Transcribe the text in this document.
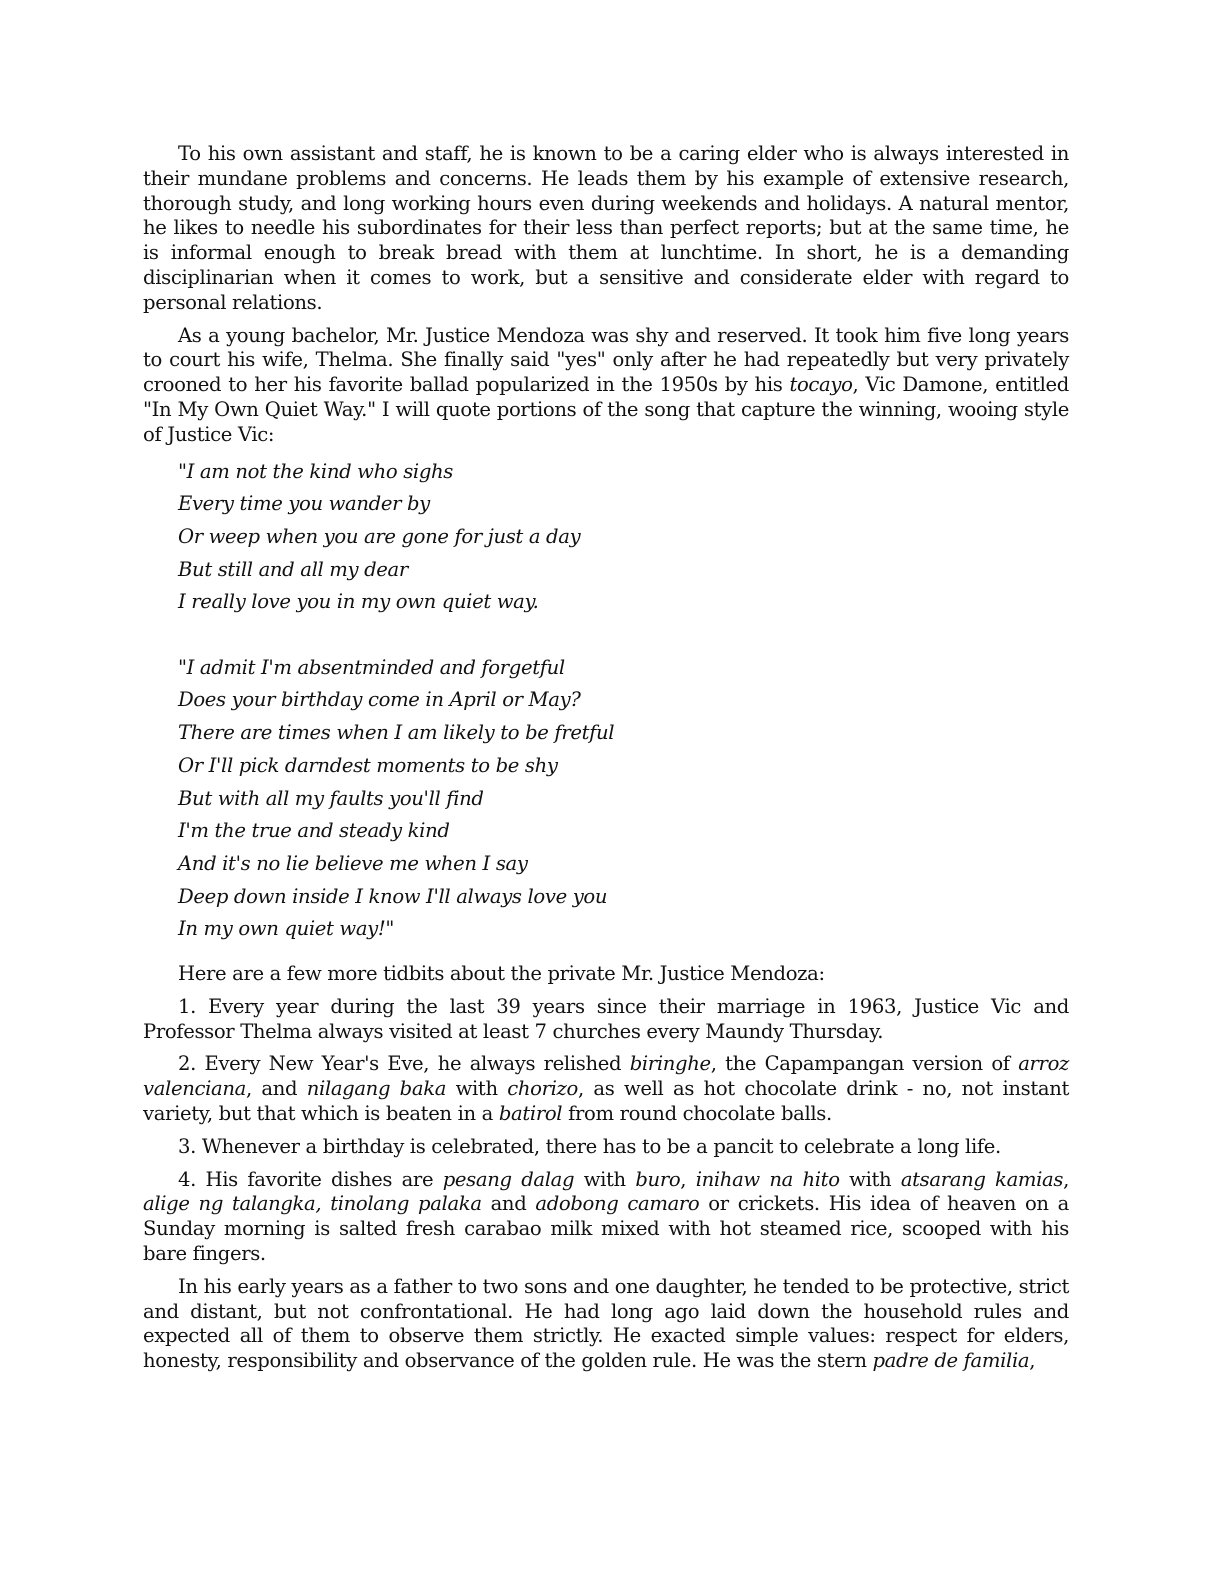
To his own assistant and staff, he is known to be a caring elder who is always interested in their mundane problems and concerns. He leads them by his example of extensive research, thorough study, and long working hours even during weekends and holidays. A natural mentor, he likes to needle his subordinates for their less than perfect reports; but at the same time, he is informal enough to break bread with them at lunchtime. In short, he is a demanding disciplinarian when it comes to work, but a sensitive and considerate elder with regard to personal relations.

As a young bachelor, Mr. Justice Mendoza was shy and reserved. It took him five long years to court his wife, Thelma. She finally said "yes" only after he had repeatedly but very privately crooned to her his favorite ballad popularized in the 1950s by his tocayo, Vic Damone, entitled "In My Own Quiet Way." I will quote portions of the song that capture the winning, wooing style of Justice Vic:

"I am not the kind who sighs
Every time you wander by
Or weep when you are gone for just a day
But still and all my dear
I really love you in my own quiet way.
"I admit I'm absentminded and forgetful
Does your birthday come in April or May?
There are times when I am likely to be fretful
Or I'll pick darndest moments to be shy
But with all my faults you'll find
I'm the true and steady kind
And it's no lie believe me when I say
Deep down inside I know I'll always love you
In my own quiet way!"

Here are a few more tidbits about the private Mr. Justice Mendoza:

1. Every year during the last 39 years since their marriage in 1963, Justice Vic and Professor Thelma always visited at least 7 churches every Maundy Thursday.

2. Every New Year's Eve, he always relished biringhe, the Capampangan version of arroz valenciana, and nilagang baka with chorizo, as well as hot chocolate drink - no, not instant variety, but that which is beaten in a batirol from round chocolate balls.

3. Whenever a birthday is celebrated, there has to be a pancit to celebrate a long life.

4. His favorite dishes are pesang dalag with buro, inihaw na hito with atsarang kamias, alige ng talangka, tinolang palaka and adobong camaro or crickets. His idea of heaven on a Sunday morning is salted fresh carabao milk mixed with hot steamed rice, scooped with his bare fingers.

In his early years as a father to two sons and one daughter, he tended to be protective, strict and distant, but not confrontational. He had long ago laid down the household rules and expected all of them to observe them strictly. He exacted simple values: respect for elders, honesty, responsibility and observance of the golden rule. He was the stern padre de familia,
